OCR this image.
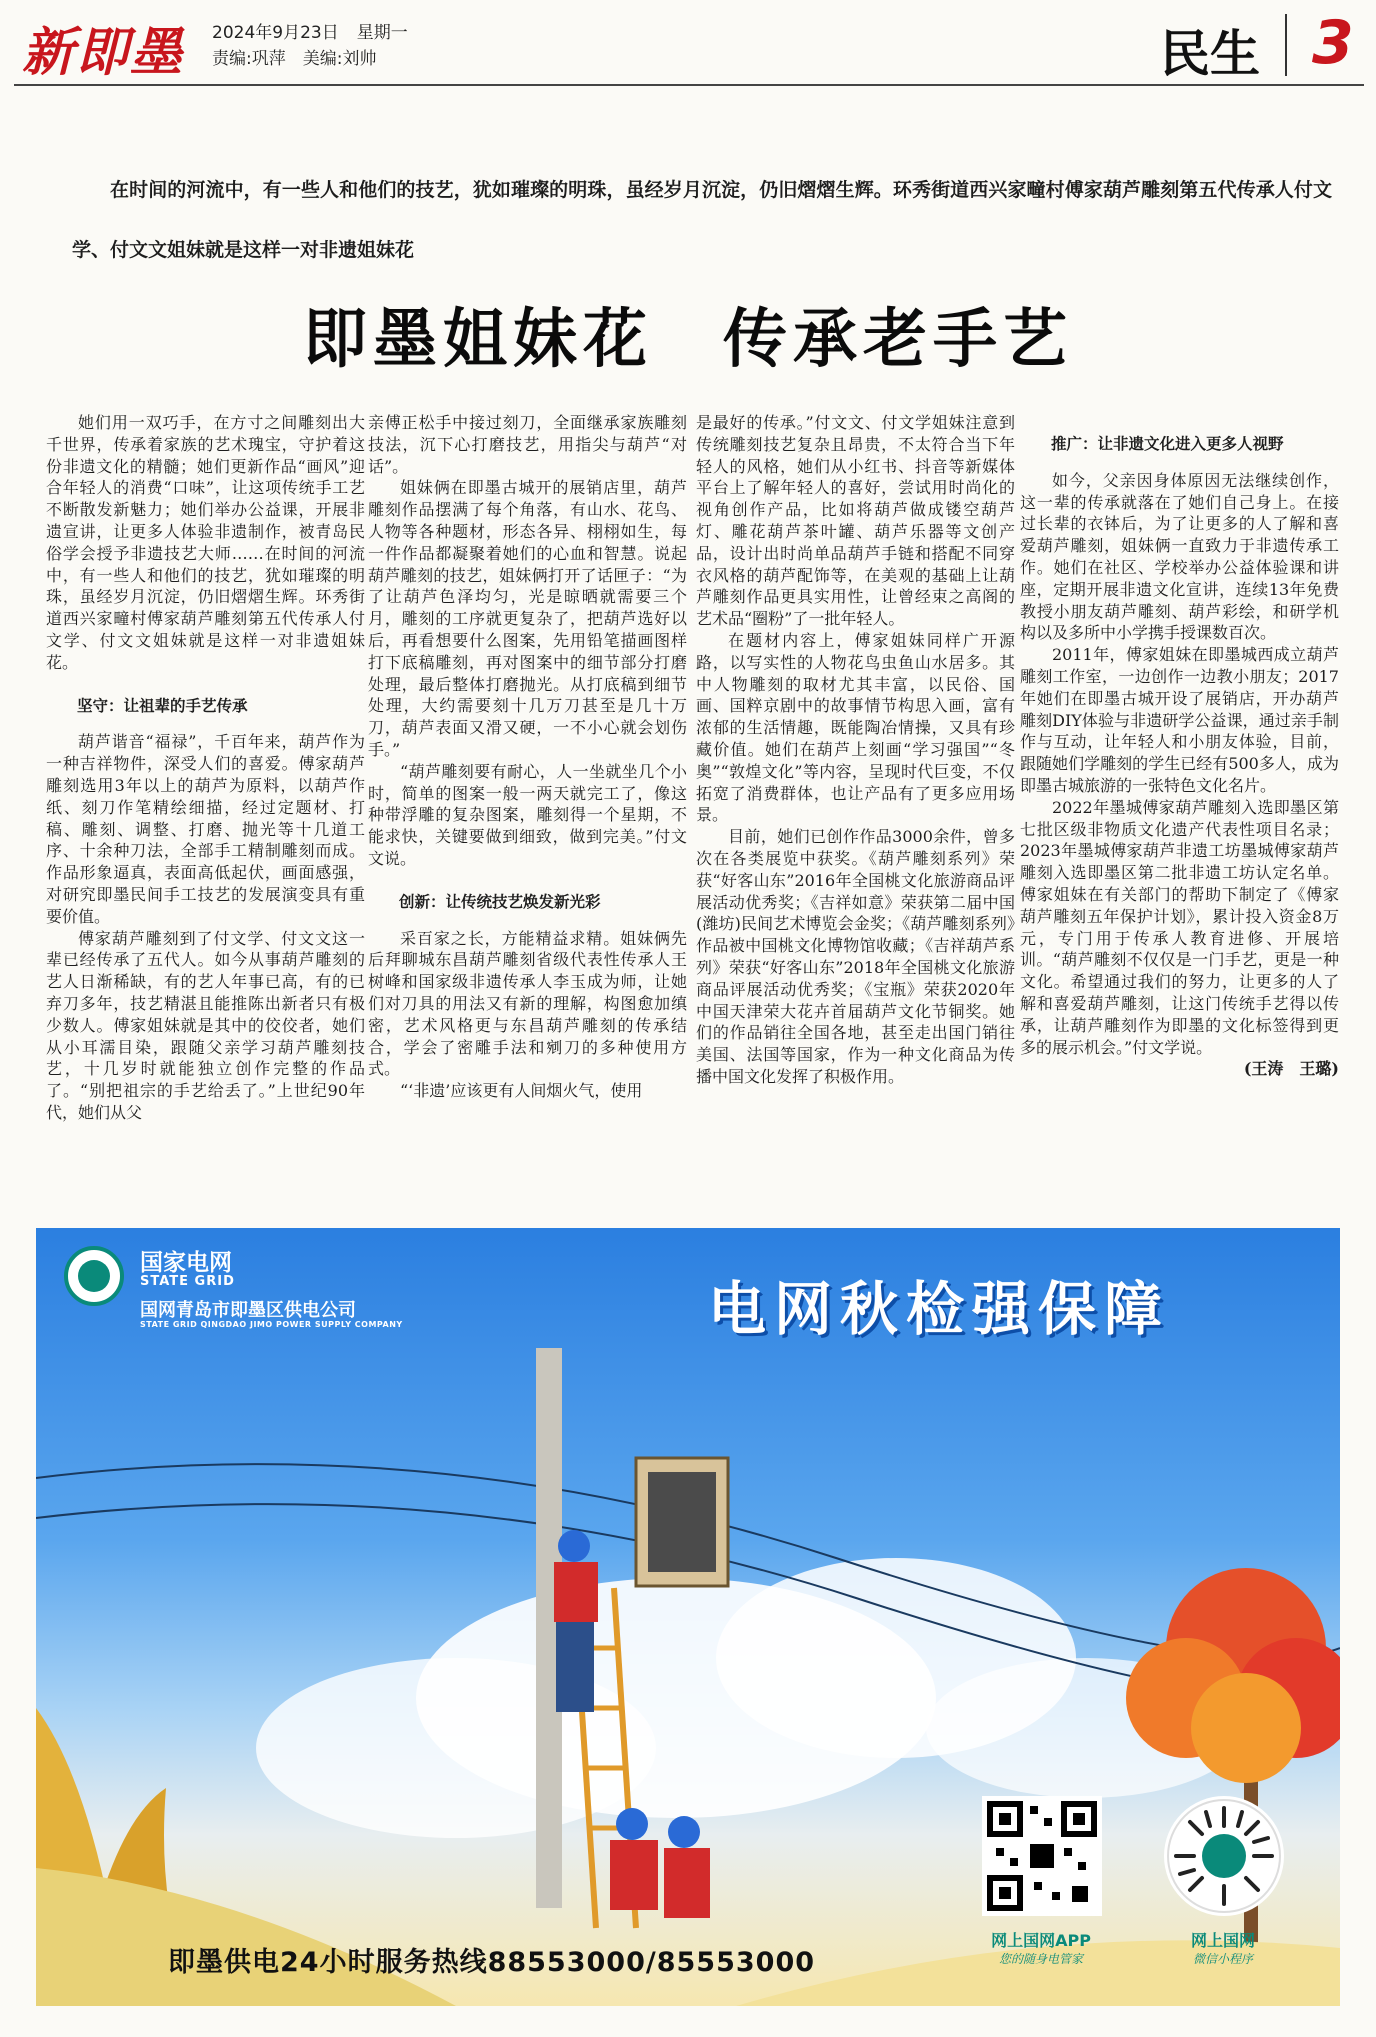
新即墨 2024年9月23日 星期一
责编:巩萍　美编:刘帅	民生 3
在时间的河流中，有一些人和他们的技艺，犹如璀璨的明珠，虽经岁月沉淀，仍旧熠熠生辉。环秀街道西兴家疃村傅家葫芦雕刻第五代传承人付文学、付文文姐妹就是这样一对非遗姐妹花
即墨姐妹花 传承老手艺

她们用一双巧手，在方寸之间雕刻出大千世界，传承着家族的艺术瑰宝，守护着这份非遗文化的精髓；她们更新作品“画风”迎合年轻人的消费“口味”，让这项传统手工艺不断散发新魅力；她们举办公益课，开展非遗宣讲，让更多人体验非遗制作，被青岛民俗学会授予非遗技艺大师……在时间的河流中，有一些人和他们的技艺，犹如璀璨的明珠，虽经岁月沉淀，仍旧熠熠生辉。环秀街道西兴家疃村傅家葫芦雕刻第五代传承人付文学、付文文姐妹就是这样一对非遗姐妹花。

坚守：让祖辈的手艺传承

葫芦谐音“福禄”，千百年来，葫芦作为一种吉祥物件，深受人们的喜爱。傅家葫芦雕刻选用3年以上的葫芦为原料，以葫芦作纸、刻刀作笔精绘细描，经过定题材、打稿、雕刻、调整、打磨、抛光等十几道工序、十余种刀法，全部手工精制雕刻而成。作品形象逼真，表面高低起伏，画面感强，对研究即墨民间手工技艺的发展演变具有重要价值。

傅家葫芦雕刻到了付文学、付文文这一辈已经传承了五代人。如今从事葫芦雕刻的艺人日渐稀缺，有的艺人年事已高，有的已弃刀多年，技艺精湛且能推陈出新者只有极少数人。傅家姐妹就是其中的佼佼者，她们从小耳濡目染，跟随父亲学习葫芦雕刻技艺，十几岁时就能独立创作完整的作品了。“别把祖宗的手艺给丢了。”上世纪90年代，她们从父

亲傅正松手中接过刻刀，全面继承家族雕刻技法，沉下心打磨技艺，用指尖与葫芦“对话”。

姐妹俩在即墨古城开的展销店里，葫芦雕刻作品摆满了每个角落，有山水、花鸟、人物等各种题材，形态各异、栩栩如生，每一件作品都凝聚着她们的心血和智慧。说起葫芦雕刻的技艺，姐妹俩打开了话匣子：“为了让葫芦色泽均匀，光是晾晒就需要三个月，雕刻的工序就更复杂了，把葫芦选好以后，再看想要什么图案，先用铅笔描画图样打下底稿雕刻，再对图案中的细节部分打磨处理，最后整体打磨抛光。从打底稿到细节处理，大约需要刻十几万刀甚至是几十万刀，葫芦表面又滑又硬，一不小心就会划伤手。”

“葫芦雕刻要有耐心，人一坐就坐几个小时，简单的图案一般一两天就完工了，像这种带浮雕的复杂图案，雕刻得一个星期，不能求快，关键要做到细致，做到完美。”付文文说。

创新：让传统技艺焕发新光彩

采百家之长，方能精益求精。姐妹俩先后拜聊城东昌葫芦雕刻省级代表性传承人王树峰和国家级非遗传承人李玉成为师，让她们对刀具的用法又有新的理解，构图愈加缜密，艺术风格更与东昌葫芦雕刻的传承结合，学会了密雕手法和剜刀的多种使用方式。

“‘非遗’应该更有人间烟火气，使用

是最好的传承。”付文文、付文学姐妹注意到传统雕刻技艺复杂且昂贵，不太符合当下年轻人的风格，她们从小红书、抖音等新媒体平台上了解年轻人的喜好，尝试用时尚化的视角创作产品，比如将葫芦做成镂空葫芦灯、雕花葫芦茶叶罐、葫芦乐器等文创产品，设计出时尚单品葫芦手链和搭配不同穿衣风格的葫芦配饰等，在美观的基础上让葫芦雕刻作品更具实用性，让曾经束之高阁的艺术品“圈粉”了一批年轻人。

在题材内容上，傅家姐妹同样广开源路，以写实性的人物花鸟虫鱼山水居多。其中人物雕刻的取材尤其丰富，以民俗、国画、国粹京剧中的故事情节构思入画，富有浓郁的生活情趣，既能陶冶情操，又具有珍藏价值。她们在葫芦上刻画“学习强国”“冬奥”“敦煌文化”等内容，呈现时代巨变，不仅拓宽了消费群体，也让产品有了更多应用场景。

目前，她们已创作作品3000余件，曾多次在各类展览中获奖。《葫芦雕刻系列》荣获“好客山东”2016年全国桃文化旅游商品评展活动优秀奖；《吉祥如意》荣获第二届中国(潍坊)民间艺术博览会金奖；《葫芦雕刻系列》作品被中国桃文化博物馆收藏；《吉祥葫芦系列》荣获“好客山东”2018年全国桃文化旅游商品评展活动优秀奖；《宝瓶》荣获2020年中国天津荣大花卉首届葫芦文化节铜奖。她们的作品销往全国各地，甚至走出国门销往美国、法国等国家，作为一种文化商品为传播中国文化发挥了积极作用。

推广：让非遗文化进入更多人视野

如今，父亲因身体原因无法继续创作，这一辈的传承就落在了她们自己身上。在接过长辈的衣钵后，为了让更多的人了解和喜爱葫芦雕刻，姐妹俩一直致力于非遗传承工作。她们在社区、学校举办公益体验课和讲座，定期开展非遗文化宣讲，连续13年免费教授小朋友葫芦雕刻、葫芦彩绘，和研学机构以及多所中小学携手授课数百次。

2011年，傅家姐妹在即墨城西成立葫芦雕刻工作室，一边创作一边教小朋友；2017年她们在即墨古城开设了展销店，开办葫芦雕刻DIY体验与非遗研学公益课，通过亲手制作与互动，让年轻人和小朋友体验，目前，跟随她们学雕刻的学生已经有500多人，成为即墨古城旅游的一张特色文化名片。

2022年墨城傅家葫芦雕刻入选即墨区第七批区级非物质文化遗产代表性项目名录；2023年墨城傅家葫芦非遗工坊墨城傅家葫芦雕刻入选即墨区第二批非遗工坊认定名单。傅家姐妹在有关部门的帮助下制定了《傅家葫芦雕刻五年保护计划》，累计投入资金8万元，专门用于传承人教育进修、开展培训。“葫芦雕刻不仅仅是一门手艺，更是一种文化。希望通过我们的努力，让更多的人了解和喜爱葫芦雕刻，让这门传统手艺得以传承，让葫芦雕刻作为即墨的文化标签得到更多的展示机会。”付文学说。

(王涛　王璐)
国家电网
STATE GRID
国网青岛市即墨区供电公司
STATE GRID QINGDAO JIMO POWER SUPPLY COMPANY	电网秋检强保障
网上国网APP
您的随身电管家
网上国网
微信小程序
即墨供电24小时服务热线88553000/85553000
